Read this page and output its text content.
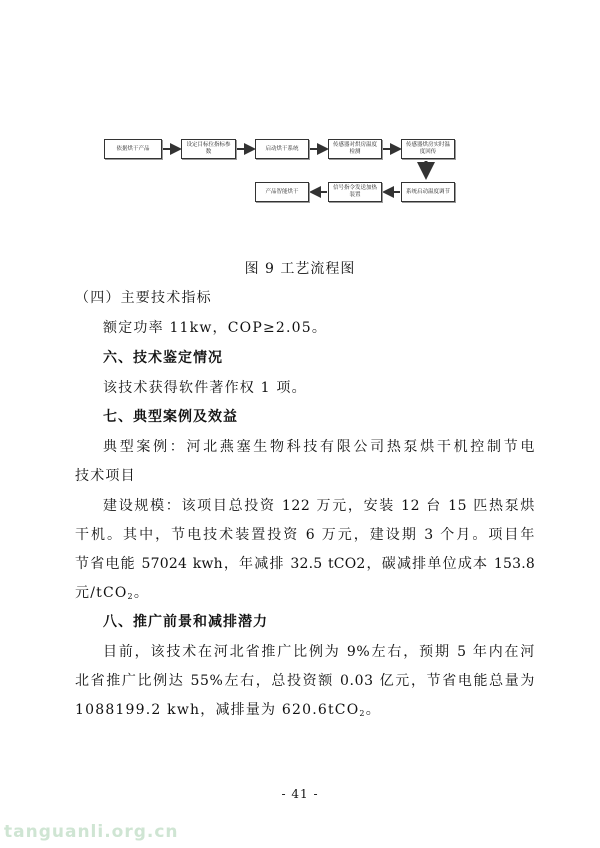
依据烘干产品
设定目标位指标参数
启动烘干系统
传感器对烘房温度检测
传感器烘房实时温度回传
系统启动温度调节
信号指令发送加热装置
产品智能烘干
图 9 工艺流程图
（四）主要技术指标
额定功率 11kw，COP≥2.05。
六、技术鉴定情况
该技术获得软件著作权 1 项。
七、典型案例及效益
典型案例：河北燕塞生物科技有限公司热泵烘干机控制节电
技术项目
建设规模：该项目总投资 122 万元，安装 12 台 15 匹热泵烘
干机。其中，节电技术装置投资 6 万元，建设期 3 个月。项目年
节省电能 57024 kwh，年减排 32.5 tCO2，碳减排单位成本 153.8
元/tCO$_2$。
八、推广前景和减排潜力
目前，该技术在河北省推广比例为 9%左右，预期 5 年内在河
北省推广比例达 55%左右，总投资额 0.03 亿元，节省电能总量为
1088199.2 kwh，减排量为 620.6tCO$_2$。
- 41 -
tanguanli.org.cn
